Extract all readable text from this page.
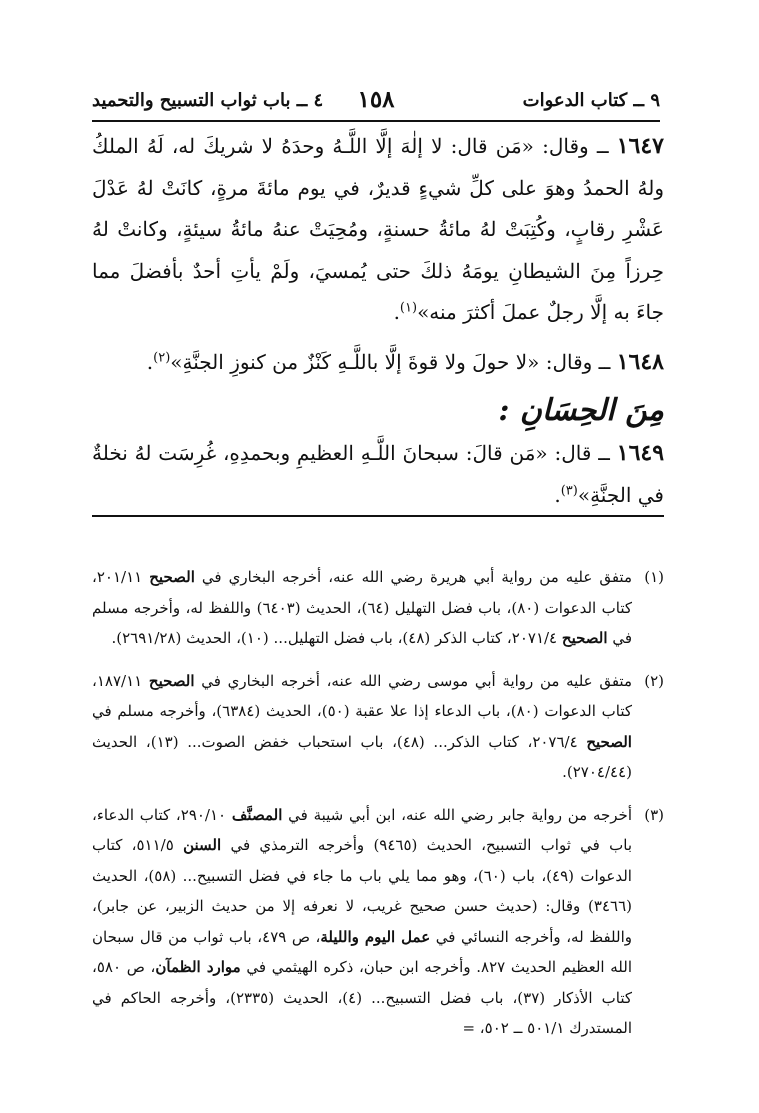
٩ ــ كتاب الدعوات
١٥٨
٤ ــ باب ثواب التسبيح والتحميد

١٦٤٧ ــ وقال: «مَن قال: لا إلٰهَ إلَّا اللَّـهُ وحدَهُ لا شريكَ له، لَهُ الملكُ ولهُ الحمدُ وهوَ على كلِّ شيءٍ قديرٌ، في يوم مائةَ مرةٍ، كانَتْ لهُ عَدْلَ عَشْرِ رقابٍ، وكُتِبَتْ لهُ مائةُ حسنةٍ، ومُحِيَتْ عنهُ مائةُ سيئةٍ، وكانتْ لهُ حِرزاً مِنَ الشيطانِ يومَهُ ذلكَ حتى يُمسيَ، ولَمْ يأتِ أحدٌ بأفضلَ مما جاءَ به إلَّا رجلٌ عملَ أكثرَ منه»$^{(١)}$.

١٦٤٨ ــ وقال: «لا حولَ ولا قوةَ إلَّا باللَّـهِ كَنْزٌ من كنوزِ الجنَّةِ»$^{(٢)}$.

مِنَ الحِسَانِ :

١٦٤٩ ــ قال: «مَن قالَ: سبحانَ اللَّـهِ العظيمِ وبحمدِهِ، غُرِسَت لهُ نخلةٌ في الجنَّةِ»$^{(٣)}$.

(١)
متفق عليه من رواية أبي هريرة رضي الله عنه، أخرجه البخاري في الصحيح ٢٠١/١١، كتاب الدعوات (٨٠)، باب فضل التهليل (٦٤)، الحديث (٦٤٠٣) واللفظ له، وأخرجه مسلم في الصحيح ٢٠٧١/٤، كتاب الذكر (٤٨)، باب فضل التهليل... (١٠)، الحديث (٢٦٩١/٢٨).
(٢)
متفق عليه من رواية أبي موسى رضي الله عنه، أخرجه البخاري في الصحيح ١٨٧/١١، كتاب الدعوات (٨٠)، باب الدعاء إذا علا عقبة (٥٠)، الحديث (٦٣٨٤)، وأخرجه مسلم في الصحيح ٢٠٧٦/٤، كتاب الذكر... (٤٨)، باب استحباب خفض الصوت... (١٣)، الحديث (٢٧٠٤/٤٤).
(٣)
أخرجه من رواية جابر رضي الله عنه، ابن أبي شيبة في المصنَّف ٢٩٠/١٠، كتاب الدعاء، باب في ثواب التسبيح، الحديث (٩٤٦٥) وأخرجه الترمذي في السنن ٥١١/٥، كتاب الدعوات (٤٩)، باب (٦٠)، وهو مما يلي باب ما جاء في فضل التسبيح... (٥٨)، الحديث (٣٤٦٦) وقال: (حديث حسن صحيح غريب، لا نعرفه إلا من حديث الزبير، عن جابر)، واللفظ له، وأخرجه النسائي في عمل اليوم والليلة، ص ٤٧٩، باب ثواب من قال سبحان الله العظيم الحديث ٨٢٧. وأخرجه ابن حبان، ذكره الهيثمي في موارد الظمآن، ص ٥٨٠، كتاب الأذكار (٣٧)، باب فضل التسبيح... (٤)، الحديث (٢٣٣٥)، وأخرجه الحاكم في المستدرك ٥٠١/١ ــ ٥٠٢، =
